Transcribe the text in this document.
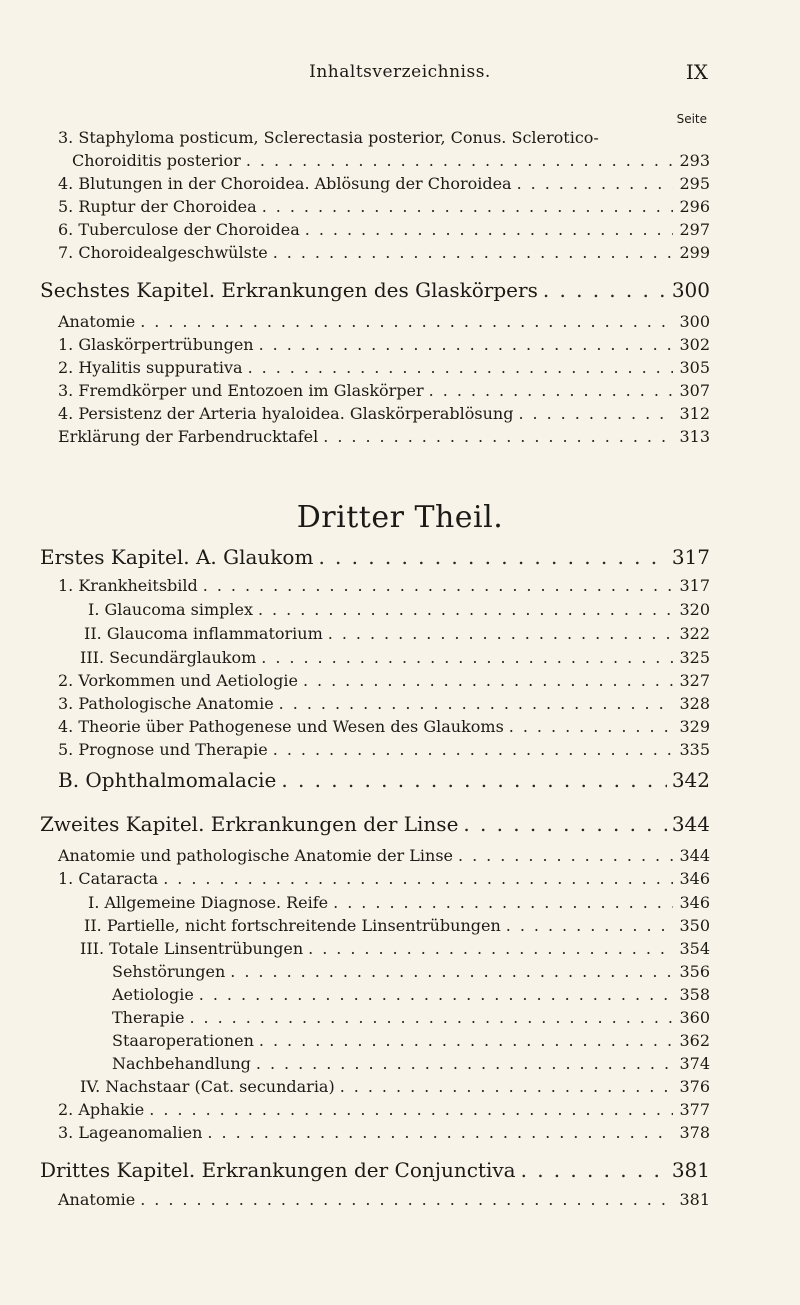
Inhaltsverzeichniss.	IX
Seite
3. Staphyloma posticum, Sclerectasia posterior, Conus. Sclerotico-
Choroiditis posterior . . .	293
4. Blutungen in der Choroidea. Ablösung der Choroidea . . .	295
5. Ruptur der Choroidea . . .	296
6. Tuberculose der Choroidea . . .	297
7. Choroidealgeschwülste . . .	299
Sechstes Kapitel. Erkrankungen des Glaskörpers . . .	300
Anatomie . . .	300
1. Glaskörpertrübungen . . .	302
2. Hyalitis suppurativa . . .	305
3. Fremdkörper und Entozoen im Glaskörper . . .	307
4. Persistenz der Arteria hyaloidea. Glaskörperablösung . . .	312
Erklärung der Farbendrucktafel . . .	313
Dritter Theil.
Erstes Kapitel. A. Glaukom . . .	317
1. Krankheitsbild . . .	317
I. Glaucoma simplex . . .	320
II. Glaucoma inflammatorium . . .	322
III. Secundärglaukom . . .	325
2. Vorkommen und Aetiologie . . .	327
3. Pathologische Anatomie . . .	328
4. Theorie über Pathogenese und Wesen des Glaukoms . . .	329
5. Prognose und Therapie . . .	335
B. Ophthalmomalacie . . .	342
Zweites Kapitel. Erkrankungen der Linse . . .	344
Anatomie und pathologische Anatomie der Linse . . .	344
1. Cataracta . . .	346
I. Allgemeine Diagnose. Reife . . .	346
II. Partielle, nicht fortschreitende Linsentrübungen . . .	350
III. Totale Linsentrübungen . . .	354
Sehstörungen . . .	356
Aetiologie . . .	358
Therapie . . .	360
Staaroperationen . . .	362
Nachbehandlung . . .	374
IV. Nachstaar (Cat. secundaria) . . .	376
2. Aphakie . . .	377
3. Lageanomalien . . .	378
Drittes Kapitel. Erkrankungen der Conjunctiva . . .	381
Anatomie . . .	381
